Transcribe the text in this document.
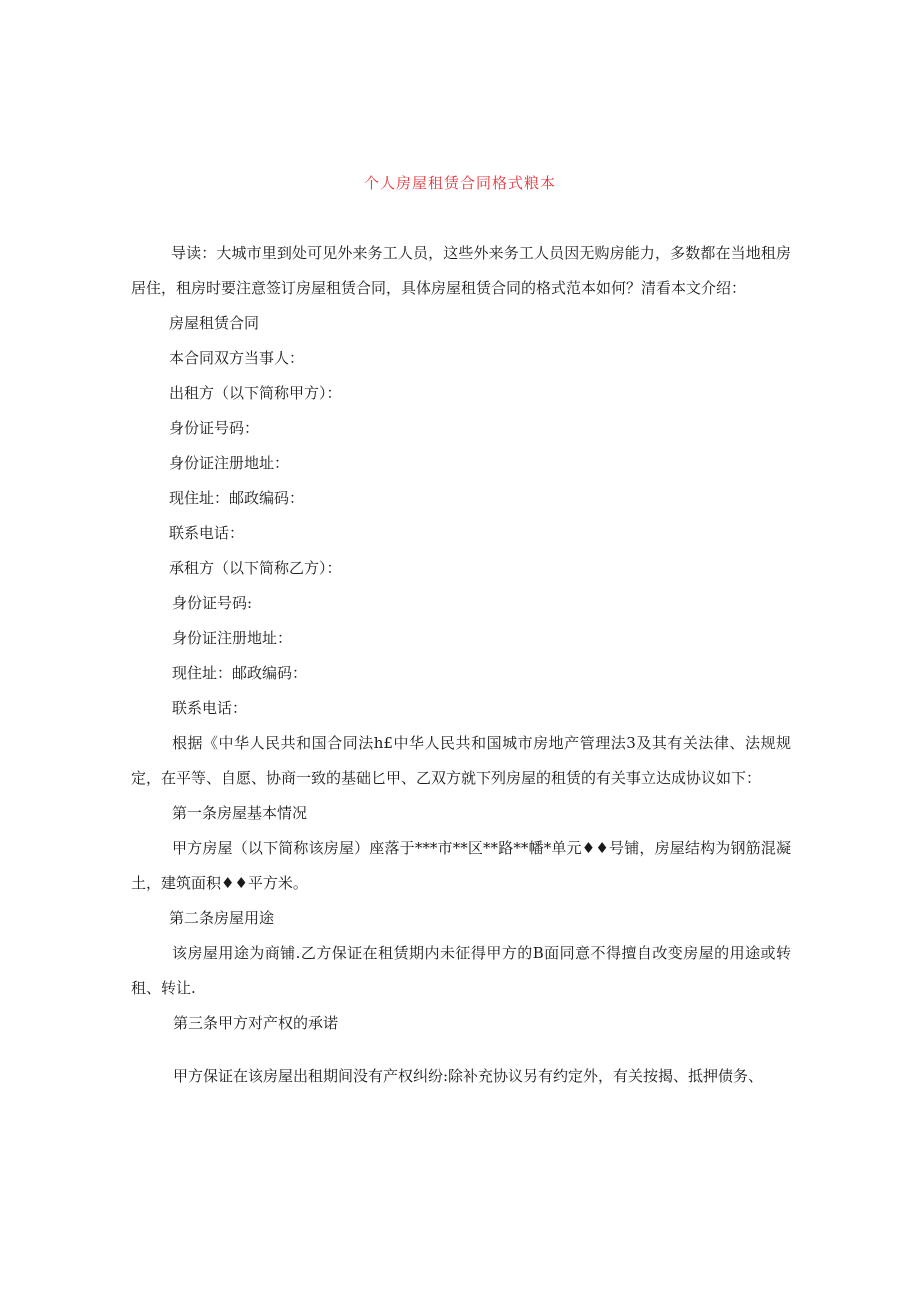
个人房屋租赁合同格式粮本

导读：大城市里到处可见外来务工人员，这些外来务工人员因无购房能力，多数都在当地租房居住，租房时要注意签订房屋租赁合同，具体房屋租赁合同的格式范本如何？清看本文介绍：

房屋租赁合同

本合同双方当事人：

出租方（以下简称甲方）：

身份证号码：

身份证注册地址：

现住址：邮政编码：

联系电话：

承租方（以下简称乙方）：

身份证号码:

身份证注册地址：

现住址：邮政编码：

联系电话：

根据《中华人民共和国合同法h£中华人民共和国城市房地产管理法3及其有关法律、法规规定，在平等、自愿、协商一致的基础匕甲、乙双方就下列房屋的租赁的有关事立达成协议如下：

第一条房屋基本情况

甲方房屋（以下简称该房屋）座落于***市**区**路**幡*单元♦♦号铺，房屋结构为钢筋混凝土，建筑面积♦♦平方米。

第二条房屋用途

该房屋用途为商铺.乙方保证在租赁期内未征得甲方的B面同意不得擅自改变房屋的用途或转租、转让.

第三条甲方对产权的承诺

甲方保证在该房屋出租期间没有产权纠纷:除补充协议另有约定外，有关按揭、抵押债务、
